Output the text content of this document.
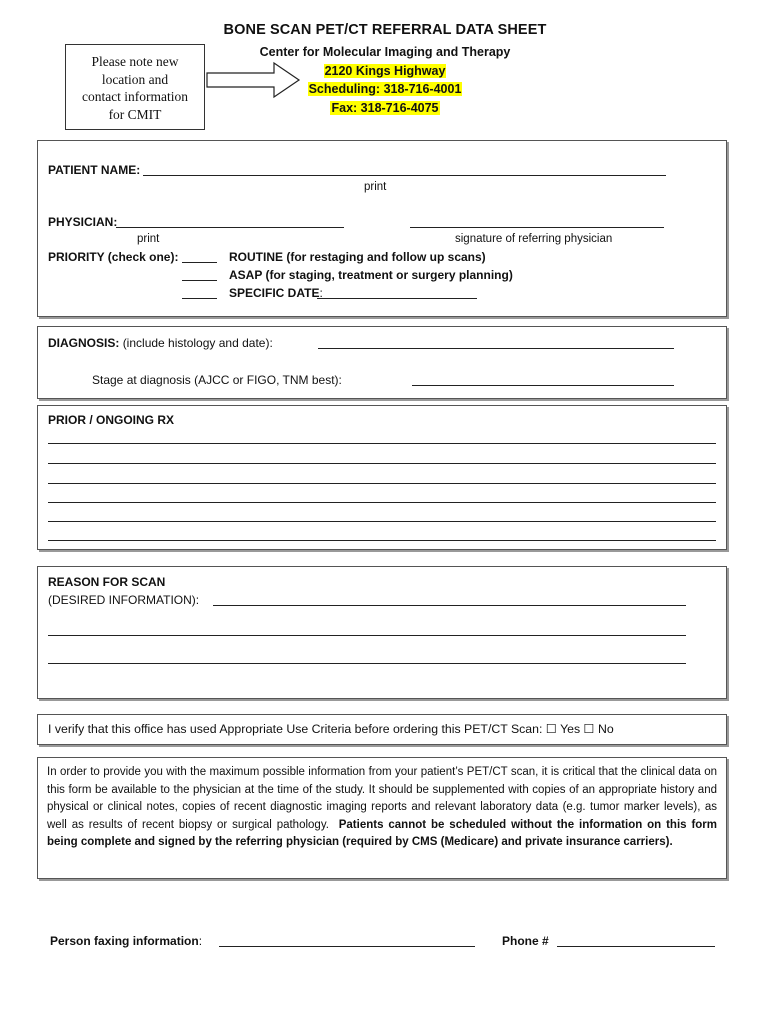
BONE SCAN PET/CT REFERRAL DATA SHEET
Please note new
location and
contact information
for CMIT
Center for Molecular Imaging and Therapy
2120 Kings Highway
Scheduling: 318-716-4001
Fax: 318-716-4075
PATIENT NAME:
print
PHYSICIAN:
print	signature of referring physician
PRIORITY (check one):	ROUTINE (for restaging and follow up scans)
ASAP (for staging, treatment or surgery planning)
SPECIFIC DATE:
DIAGNOSIS: (include histology and date):
Stage at diagnosis (AJCC or FIGO, TNM best):
PRIOR / ONGOING RX
REASON FOR SCAN
(DESIRED INFORMATION):
I verify that this office has used Appropriate Use Criteria before ordering this PET/CT Scan: ☐ Yes ☐ No
In order to provide you with the maximum possible information from your patient’s PET/CT scan, it is critical that the clinical data on this form be available to the physician at the time of the study. It should be supplemented with copies of an appropriate history and physical or clinical notes, copies of recent diagnostic imaging reports and relevant laboratory data (e.g. tumor marker levels), as well as results of recent biopsy or surgical pathology. Patients cannot be scheduled without the information on this form being complete and signed by the referring physician (required by CMS (Medicare) and private insurance carriers).
Person faxing information:	Phone #
